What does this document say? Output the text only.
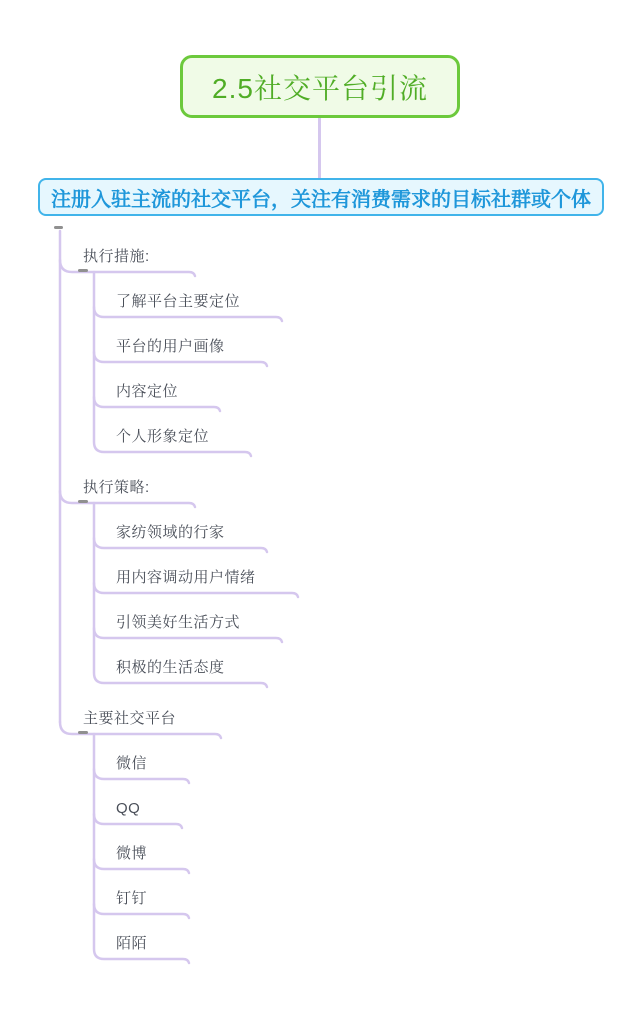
2.5社交平台引流
注册入驻主流的社交平台，关注有消费需求的目标社群或个体
执行措施:
了解平台主要定位
平台的用户画像
内容定位
个人形象定位
执行策略:
家纺领域的行家
用内容调动用户情绪
引领美好生活方式
积极的生活态度
主要社交平台
微信
QQ
微博
钉钉
陌陌
